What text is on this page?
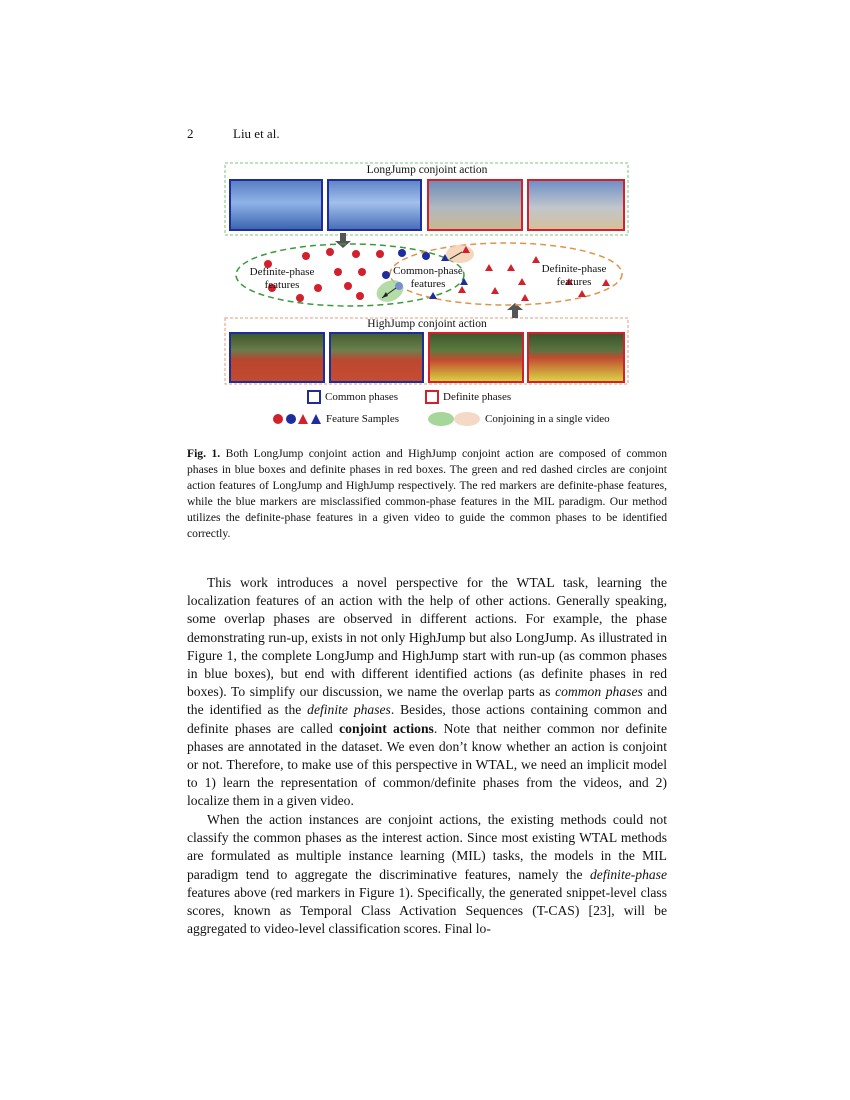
2	Liu et al.
LongJump conjoint action
Definite-phase
features
Common-phase
features
Definite-phase
features
HighJump conjoint action
Common phases	Definite phases
Feature Samples	Conjoining in a single video
Fig. 1. Both LongJump conjoint action and HighJump conjoint action are composed of common phases in blue boxes and definite phases in red boxes. The green and red dashed circles are conjoint action features of LongJump and HighJump respectively. The red markers are definite-phase features, while the blue markers are misclassified common-phase features in the MIL paradigm. Our method utilizes the definite-phase features in a given video to guide the common phases to be identified correctly.

This work introduces a novel perspective for the WTAL task, learning the localization features of an action with the help of other actions. Generally speaking, some overlap phases are observed in different actions. For example, the phase demonstrating run-up, exists in not only HighJump but also LongJump. As illustrated in Figure 1, the complete LongJump and HighJump start with run-up (as common phases in blue boxes), but end with different identified actions (as definite phases in red boxes). To simplify our discussion, we name the overlap parts as common phases and the identified as the definite phases. Besides, those actions containing common and definite phases are called conjoint actions. Note that neither common nor definite phases are annotated in the dataset. We even don’t know whether an action is conjoint or not. Therefore, to make use of this perspective in WTAL, we need an implicit model to 1) learn the representation of common/definite phases from the videos, and 2) localize them in a given video.

When the action instances are conjoint actions, the existing methods could not classify the common phases as the interest action. Since most existing WTAL methods are formulated as multiple instance learning (MIL) tasks, the models in the MIL paradigm tend to aggregate the discriminative features, namely the definite-phase features above (red markers in Figure 1). Specifically, the generated snippet-level class scores, known as Temporal Class Activation Sequences (T-CAS) [23], will be aggregated to video-level classification scores. Final lo-
